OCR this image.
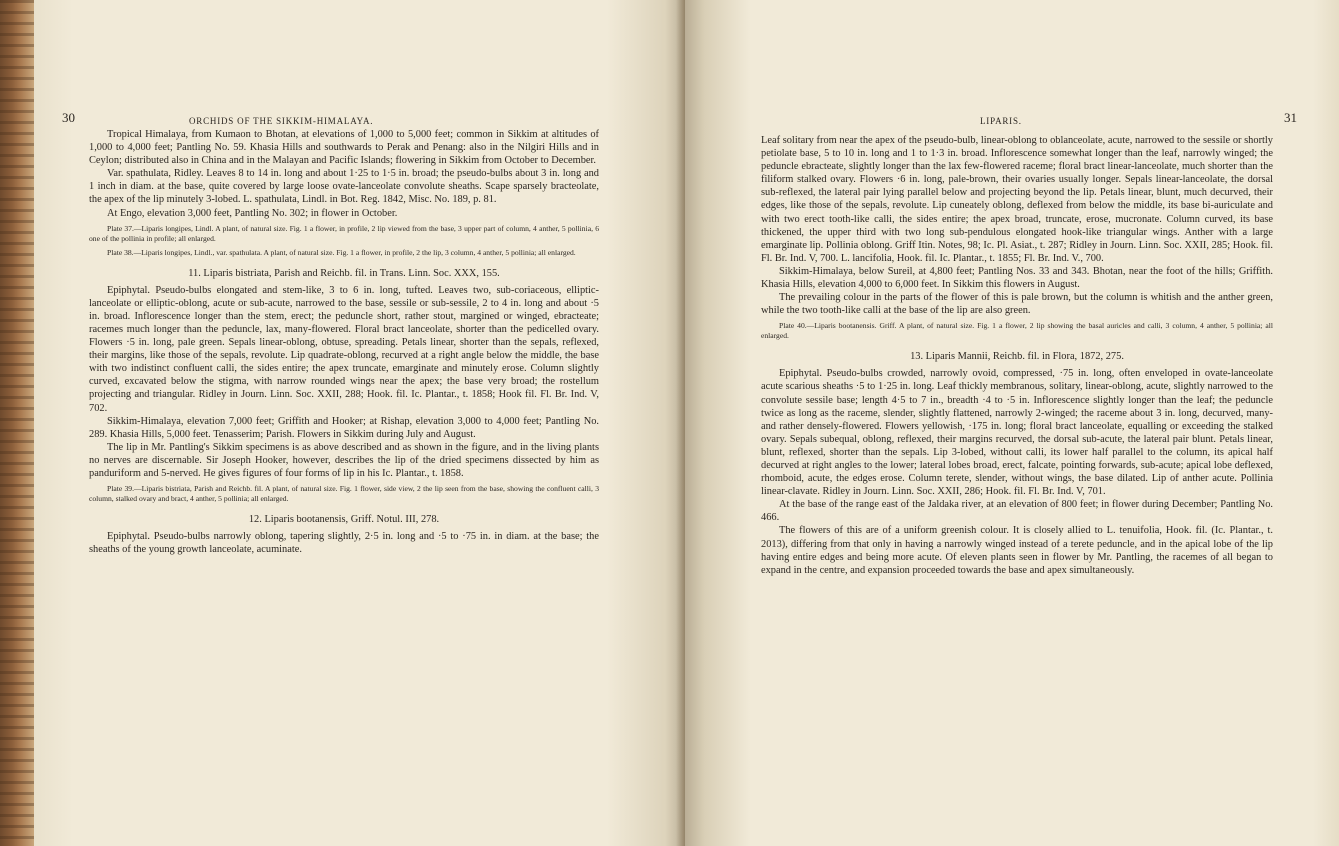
30	ORCHIDS OF THE SIKKIM-HIMALAYA.

Tropical Himalaya, from Kumaon to Bhotan, at elevations of 1,000 to 5,000 feet; common in Sikkim at altitudes of 1,000 to 4,000 feet; Pantling No. 59. Khasia Hills and southwards to Perak and Penang: also in the Nilgiri Hills and in Ceylon; distributed also in China and in the Malayan and Pacific Islands; flowering in Sikkim from October to December.

Var. spathulata, Ridley. Leaves 8 to 14 in. long and about 1·25 to 1·5 in. broad; the pseudo-bulbs about 3 in. long and 1 inch in diam. at the base, quite covered by large loose ovate-lanceolate convolute sheaths. Scape sparsely bracteolate, the apex of the lip minutely 3-lobed. L. spathulata, Lindl. in Bot. Reg. 1842, Misc. No. 189, p. 81.

At Engo, elevation 3,000 feet, Pantling No. 302; in flower in October.

Plate 37.—Liparis longipes, Lindl. A plant, of natural size. Fig. 1 a flower, in profile, 2 lip viewed from the base, 3 upper part of column, 4 anther, 5 pollinia, 6 one of the pollinia in profile; all enlarged.

Plate 38.—Liparis longipes, Lindl., var. spathulata. A plant, of natural size. Fig. 1 a flower, in profile, 2 the lip, 3 column, 4 anther, 5 pollinia; all enlarged.

11. Liparis bistriata, Parish and Reichb. fil. in Trans. Linn. Soc. XXX, 155.

Epiphytal. Pseudo-bulbs elongated and stem-like, 3 to 6 in. long, tufted. Leaves two, sub-coriaceous, elliptic-lanceolate or elliptic-oblong, acute or sub-acute, narrowed to the base, sessile or sub-sessile, 2 to 4 in. long and about ·5 in. broad. Inflorescence longer than the stem, erect; the peduncle short, rather stout, margined or winged, ebracteate; racemes much longer than the peduncle, lax, many-flowered. Floral bract lanceolate, shorter than the pedicelled ovary. Flowers ·5 in. long, pale green. Sepals linear-oblong, obtuse, spreading. Petals linear, shorter than the sepals, reflexed, their margins, like those of the sepals, revolute. Lip quadrate-oblong, recurved at a right angle below the middle, the base with two indistinct confluent calli, the sides entire; the apex truncate, emarginate and minutely erose. Column slightly curved, excavated below the stigma, with narrow rounded wings near the apex; the base very broad; the rostellum projecting and triangular. Ridley in Journ. Linn. Soc. XXII, 288; Hook. fil. Ic. Plantar., t. 1858; Hook fil. Fl. Br. Ind. V, 702.

Sikkim-Himalaya, elevation 7,000 feet; Griffith and Hooker; at Rishap, elevation 3,000 to 4,000 feet; Pantling No. 289. Khasia Hills, 5,000 feet. Tenasserim; Parish. Flowers in Sikkim during July and August.

The lip in Mr. Pantling's Sikkim specimens is as above described and as shown in the figure, and in the living plants no nerves are discernable. Sir Joseph Hooker, however, describes the lip of the dried specimens dissected by him as panduriform and 5-nerved. He gives figures of four forms of lip in his Ic. Plantar., t. 1858.

Plate 39.—Liparis bistriata, Parish and Reichb. fil. A plant, of natural size. Fig. 1 flower, side view, 2 the lip seen from the base, showing the confluent calli, 3 column, stalked ovary and bract, 4 anther, 5 pollinia; all enlarged.

12. Liparis bootanensis, Griff. Notul. III, 278.

Epiphytal. Pseudo-bulbs narrowly oblong, tapering slightly, 2·5 in. long and ·5 to ·75 in. in diam. at the base; the sheaths of the young growth lanceolate, acuminate.

LIPARIS.	31

Leaf solitary from near the apex of the pseudo-bulb, linear-oblong to oblanceolate, acute, narrowed to the sessile or shortly petiolate base, 5 to 10 in. long and 1 to 1·3 in. broad. Inflorescence somewhat longer than the leaf, narrowly winged; the peduncle ebracteate, slightly longer than the lax few-flowered raceme; floral bract linear-lanceolate, much shorter than the filiform stalked ovary. Flowers ·6 in. long, pale-brown, their ovaries usually longer. Sepals linear-lanceolate, the dorsal sub-reflexed, the lateral pair lying parallel below and projecting beyond the lip. Petals linear, blunt, much decurved, their edges, like those of the sepals, revolute. Lip cuneately oblong, deflexed from below the middle, its base bi-auriculate and with two erect tooth-like calli, the sides entire; the apex broad, truncate, erose, mucronate. Column curved, its base thickened, the upper third with two long sub-pendulous elongated hook-like triangular wings. Anther with a large emarginate lip. Pollinia oblong. Griff Itin. Notes, 98; Ic. Pl. Asiat., t. 287; Ridley in Journ. Linn. Soc. XXII, 285; Hook. fil. Fl. Br. Ind. V, 700. L. lancifolia, Hook. fil. Ic. Plantar., t. 1855; Fl. Br. Ind. V., 700.

Sikkim-Himalaya, below Sureil, at 4,800 feet; Pantling Nos. 33 and 343. Bhotan, near the foot of the hills; Griffith. Khasia Hills, elevation 4,000 to 6,000 feet. In Sikkim this flowers in August.

The prevailing colour in the parts of the flower of this is pale brown, but the column is whitish and the anther green, while the two tooth-like calli at the base of the lip are also green.

Plate 40.—Liparis bootanensis. Griff. A plant, of natural size. Fig. 1 a flower, 2 lip showing the basal auricles and calli, 3 column, 4 anther, 5 pollinia; all enlarged.

13. Liparis Mannii, Reichb. fil. in Flora, 1872, 275.

Epiphytal. Pseudo-bulbs crowded, narrowly ovoid, compressed, ·75 in. long, often enveloped in ovate-lanceolate acute scarious sheaths ·5 to 1·25 in. long. Leaf thickly membranous, solitary, linear-oblong, acute, slightly narrowed to the convolute sessile base; length 4·5 to 7 in., breadth ·4 to ·5 in. Inflorescence slightly longer than the leaf; the peduncle twice as long as the raceme, slender, slightly flattened, narrowly 2-winged; the raceme about 3 in. long, decurved, many- and rather densely-flowered. Flowers yellowish, ·175 in. long; floral bract lanceolate, equalling or exceeding the stalked ovary. Sepals subequal, oblong, reflexed, their margins recurved, the dorsal sub-acute, the lateral pair blunt. Petals linear, blunt, reflexed, shorter than the sepals. Lip 3-lobed, without calli, its lower half parallel to the column, its apical half decurved at right angles to the lower; lateral lobes broad, erect, falcate, pointing forwards, sub-acute; apical lobe deflexed, rhomboid, acute, the edges erose. Column terete, slender, without wings, the base dilated. Lip of anther acute. Pollinia linear-clavate. Ridley in Journ. Linn. Soc. XXII, 286; Hook. fil. Fl. Br. Ind. V, 701.

At the base of the range east of the Jaldaka river, at an elevation of 800 feet; in flower during December; Pantling No. 466.

The flowers of this are of a uniform greenish colour. It is closely allied to L. tenuifolia, Hook. fil. (Ic. Plantar., t. 2013), differing from that only in having a narrowly winged instead of a terete peduncle, and in the apical lobe of the lip having entire edges and being more acute. Of eleven plants seen in flower by Mr. Pantling, the racemes of all began to expand in the centre, and expansion proceeded towards the base and apex simultaneously.
